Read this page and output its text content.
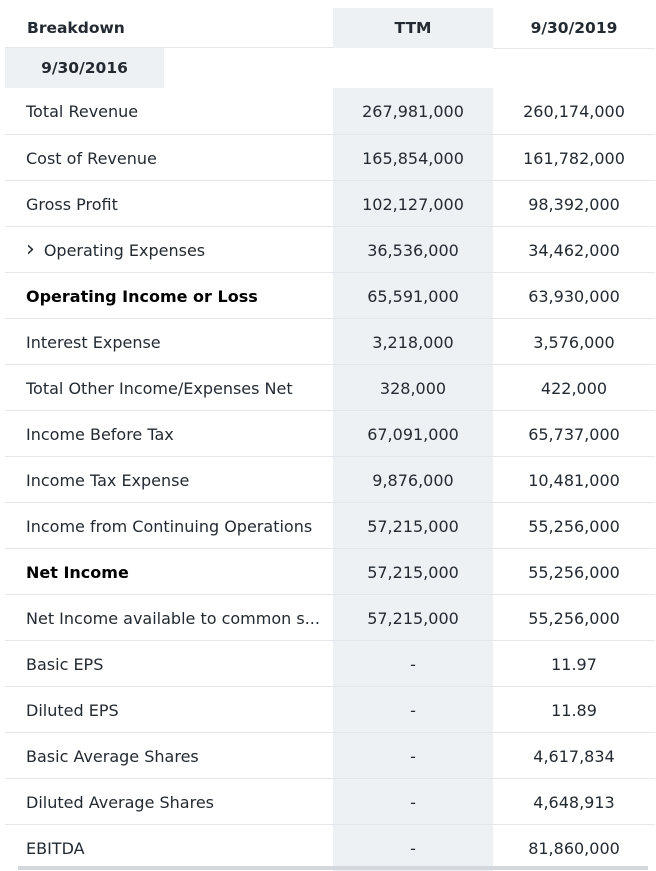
Breakdown	TTM	9/30/2019
9/30/2016
Total Revenue	267,981,000	260,174,000
Cost of Revenue	165,854,000	161,782,000
Gross Profit	102,127,000	98,392,000
› Operating Expenses	36,536,000	34,462,000
Operating Income or Loss	65,591,000	63,930,000
Interest Expense	3,218,000	3,576,000
Total Other Income/Expenses Net	328,000	422,000
Income Before Tax	67,091,000	65,737,000
Income Tax Expense	9,876,000	10,481,000
Income from Continuing Operations	57,215,000	55,256,000
Net Income	57,215,000	55,256,000
Net Income available to common s...	57,215,000	55,256,000
Basic EPS	-	11.97
Diluted EPS	-	11.89
Basic Average Shares	-	4,617,834
Diluted Average Shares	-	4,648,913
EBITDA	-	81,860,000
